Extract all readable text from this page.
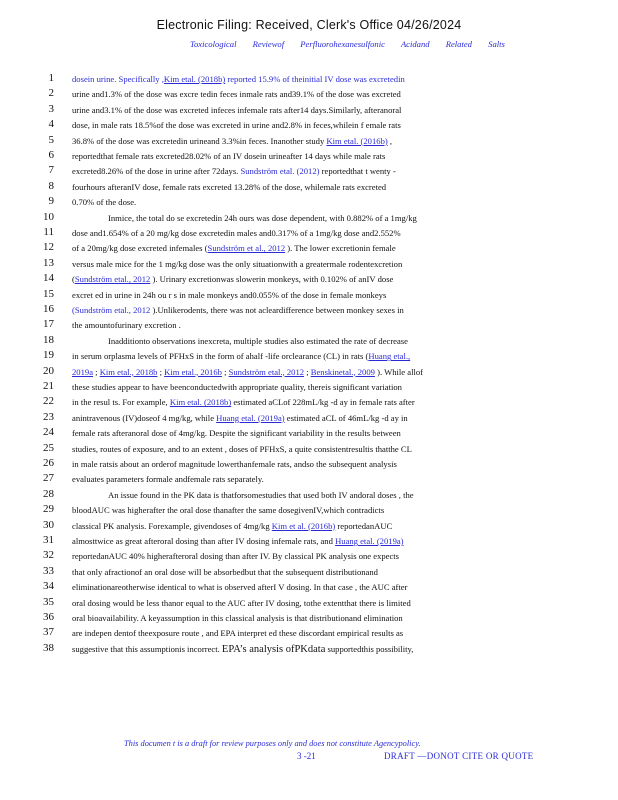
Electronic Filing: Received, Clerk's Office 04/26/2024
Toxicological Reviewof Perfluorohexanesulfonic Acidand Related Salts
1 dosein urine. Specifically ,Kim etal. (2018b) reported 15.9% of theinitial IV dose was excretedin
2 urine and1.3% of the dose was excre tedin feces inmale rats and39.1% of the dose was excreted
3 urine and3.1% of the dose was excreted infeces infemale rats after14 days.Similarly, afteranoral
4 dose, in male rats 18.5%of the dose was excreted in urine and2.8% in feces,whilein f emale rats
5 36.8% of the dose was excretedin urineand 3.3%in feces. Inanother study Kim etal. (2016b) ,
6 reportedthat female rats excreted28.02% of an IV dosein urineafter 14 days while male rats
7 excreted8.26% of the dose in urine after 72days. Sundström etal. (2012) reportedthat t wenty -
8 fourhours afteranIV dose, female rats excreted 13.28% of the dose, whilemale rats excreted
9 0.70% of the dose.
10	Inmice, the total do se excretedin 24h ours was dose dependent, with 0.882% of a 1mg/kg
11 dose and1.654% of a 20 mg/kg dose excretedin males and0.317% of a 1mg/kg dose and2.552%
12 of a 20mg/kg dose excreted infemales (Sundström et al., 2012 ). The lower excretionin female
13 versus male mice for the 1 mg/kg dose was the only situationwith a greatermale rodentexcretion
14 (Sundström etal., 2012 ). Urinary excretionwas slowerin monkeys, with 0.102% of anIV dose
15 excret ed in urine in 24h ou r s in male monkeys and0.055% of the dose in female monkeys
16 (Sundström etal., 2012 ).Unlikerodents, there was not acleardifference between monkey sexes in
17 the amountofurinary excretion .
18	Inadditionto observations inexcreta, multiple studies also estimated the rate of decrease
19 in serum orplasma levels of PFHxS in the form of ahalf -life orclearance (CL) in rats (Huang etal.,
20 2019a ; Kim etal., 2018b ; Kim etal., 2016b ; Sundström etal., 2012 ; Benskinetal., 2009 ). While allof
21 these studies appear to have beenconductedwith appropriate quality, thereis significant variation
22 in the resul ts. For example, Kim etal. (2018b) estimated aCLof 228mL/kg -d ay in female rats after
23 anintravenous (IV)doseof 4 mg/kg, while Huang etal. (2019a) estimated aCL of 46mL/kg -d ay in
24 female rats afteranoral dose of 4mg/kg. Despite the significant variability in the results between
25 studies, routes of exposure, and to an extent , doses of PFHxS, a quite consistentresultis thatthe CL
26 in male ratsis about an orderof magnitude lowerthanfemale rats, andso the subsequent analysis
27 evaluates parameters formale andfemale rats separately.
28	An issue found in the PK data is thatforsomestudies that used both IV andoral doses , the
29 bloodAUC was higherafter the oral dose thanafter the same dosegivenIV,which contradicts
30 classical PK analysis. Forexample, givendoses of 4mg/kg Kim et al. (2016b) reportedanAUC
31 almosttwice as great afteroral dosing than after IV dosing infemale rats, and Huang etal. (2019a)
32 reportedanAUC 40% higherafteroral dosing than after IV. By classical PK analysis one expects
33 that only afractionof an oral dose will be absorbedbut that the subsequent distributionand
34 eliminationareotherwise identical to what is observed afterI V dosing. In that case , the AUC after
35 oral dosing would be less thanor equal to the AUC after IV dosing, tothe extentthat there is limited
36 oral bioavailability. A keyassumption in this classical analysis is that distributionand elimination
37 are indepen dentof theexposure route , and EPA interpret ed these discordant empirical results as
38 suggestive that this assumptionis incorrect. EPA’s analysis ofPKdata supportedthis possibility,
This documen t is a draft for review purposes only and does not constitute Agencypolicy.
3 -21	DRAFT —DONOT CITE OR QUOTE
